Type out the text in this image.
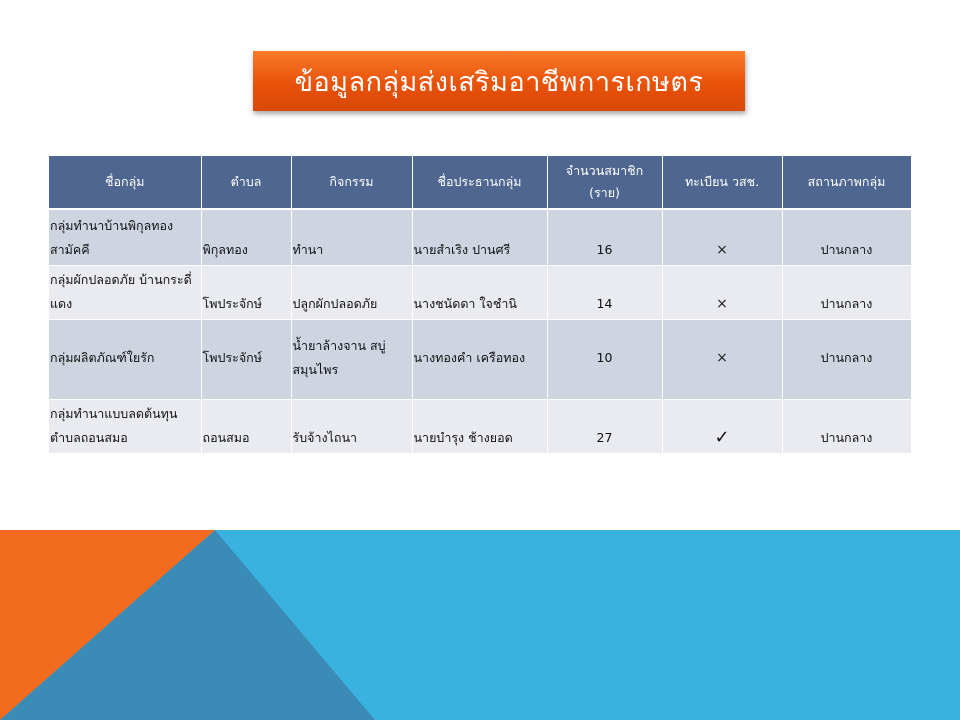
ข้อมูลกลุ่มส่งเสริมอาชีพการเกษตร
ชื่อกลุ่ม	ตำบล	กิจกรรม	ชื่อประธานกลุ่ม	จำนวนสมาชิก (ราย)	ทะเบียน วสช.	สถานภาพกลุ่ม
กลุ่มทำนาบ้านพิกุลทอง สามัคคี	พิกุลทอง	ทำนา	นายสำเริง ปานศรี	16	×	ปานกลาง
กลุ่มผักปลอดภัย บ้านกระดี่แดง	โพประจักษ์	ปลูกผักปลอดภัย	นางชนัดดา ใจชำนิ	14	×	ปานกลาง
กลุ่มผลิตภัณฑ์ใยรัก	โพประจักษ์	น้ำยาล้างจาน สบู่สมุนไพร	นางทองคำ เครือทอง	10	×	ปานกลาง
กลุ่มทำนาแบบลดต้นทุน ตำบลถอนสมอ	ถอนสมอ	รับจ้างไถนา	นายบำรุง ช้างยอด	27	✓	ปานกลาง
